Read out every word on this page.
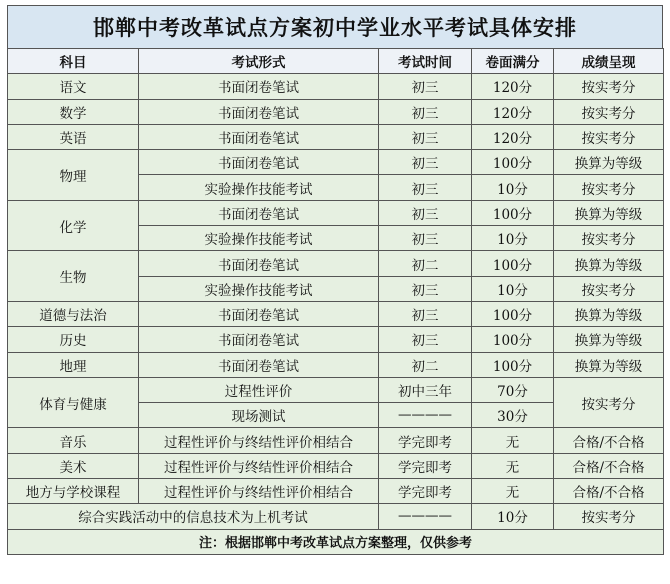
邯郸中考改革试点方案初中学业水平考试具体安排
科目	考试形式	考试时间	卷面满分	成绩呈现
语文	书面闭卷笔试	初三	120分	按实考分
数学	书面闭卷笔试	初三	120分	按实考分
英语	书面闭卷笔试	初三	120分	按实考分
物理	书面闭卷笔试	初三	100分	换算为等级
	实验操作技能考试	初三	10分	按实考分
化学	书面闭卷笔试	初三	100分	换算为等级
	实验操作技能考试	初三	10分	按实考分
生物	书面闭卷笔试	初二	100分	换算为等级
	实验操作技能考试	初三	10分	按实考分
道德与法治	书面闭卷笔试	初三	100分	换算为等级
历史	书面闭卷笔试	初三	100分	换算为等级
地理	书面闭卷笔试	初二	100分	换算为等级
体育与健康	过程性评价	初中三年	70分	按实考分
	现场测试	————	30分	
音乐	过程性评价与终结性评价相结合	学完即考	无	合格/不合格
美术	过程性评价与终结性评价相结合	学完即考	无	合格/不合格
地方与学校课程	过程性评价与终结性评价相结合	学完即考	无	合格/不合格
综合实践活动中的信息技术为上机考试		————	10分	按实考分
注：根据邯郸中考改革试点方案整理，仅供参考				
